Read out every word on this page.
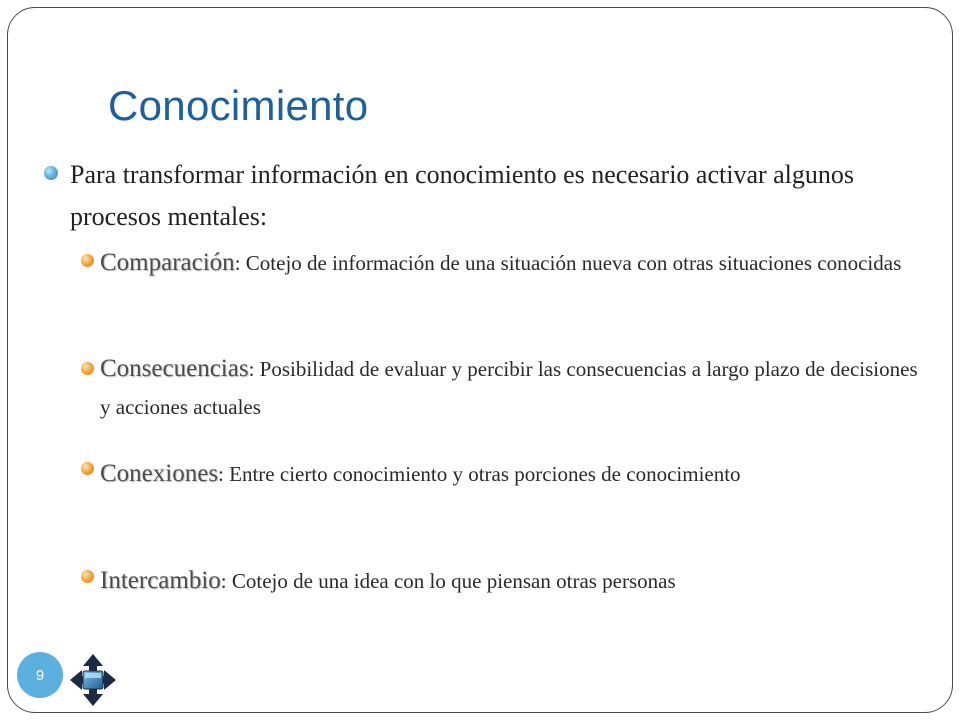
Conocimiento
Para transformar información en conocimiento es necesario activar algunos procesos mentales:
Comparación: Cotejo de información de una situación nueva con otras situaciones conocidas
Consecuencias: Posibilidad de evaluar y percibir las consecuencias a largo plazo de decisiones y acciones actuales
Conexiones: Entre cierto conocimiento y otras porciones de conocimiento
Intercambio: Cotejo de una idea con lo que piensan otras personas
9
